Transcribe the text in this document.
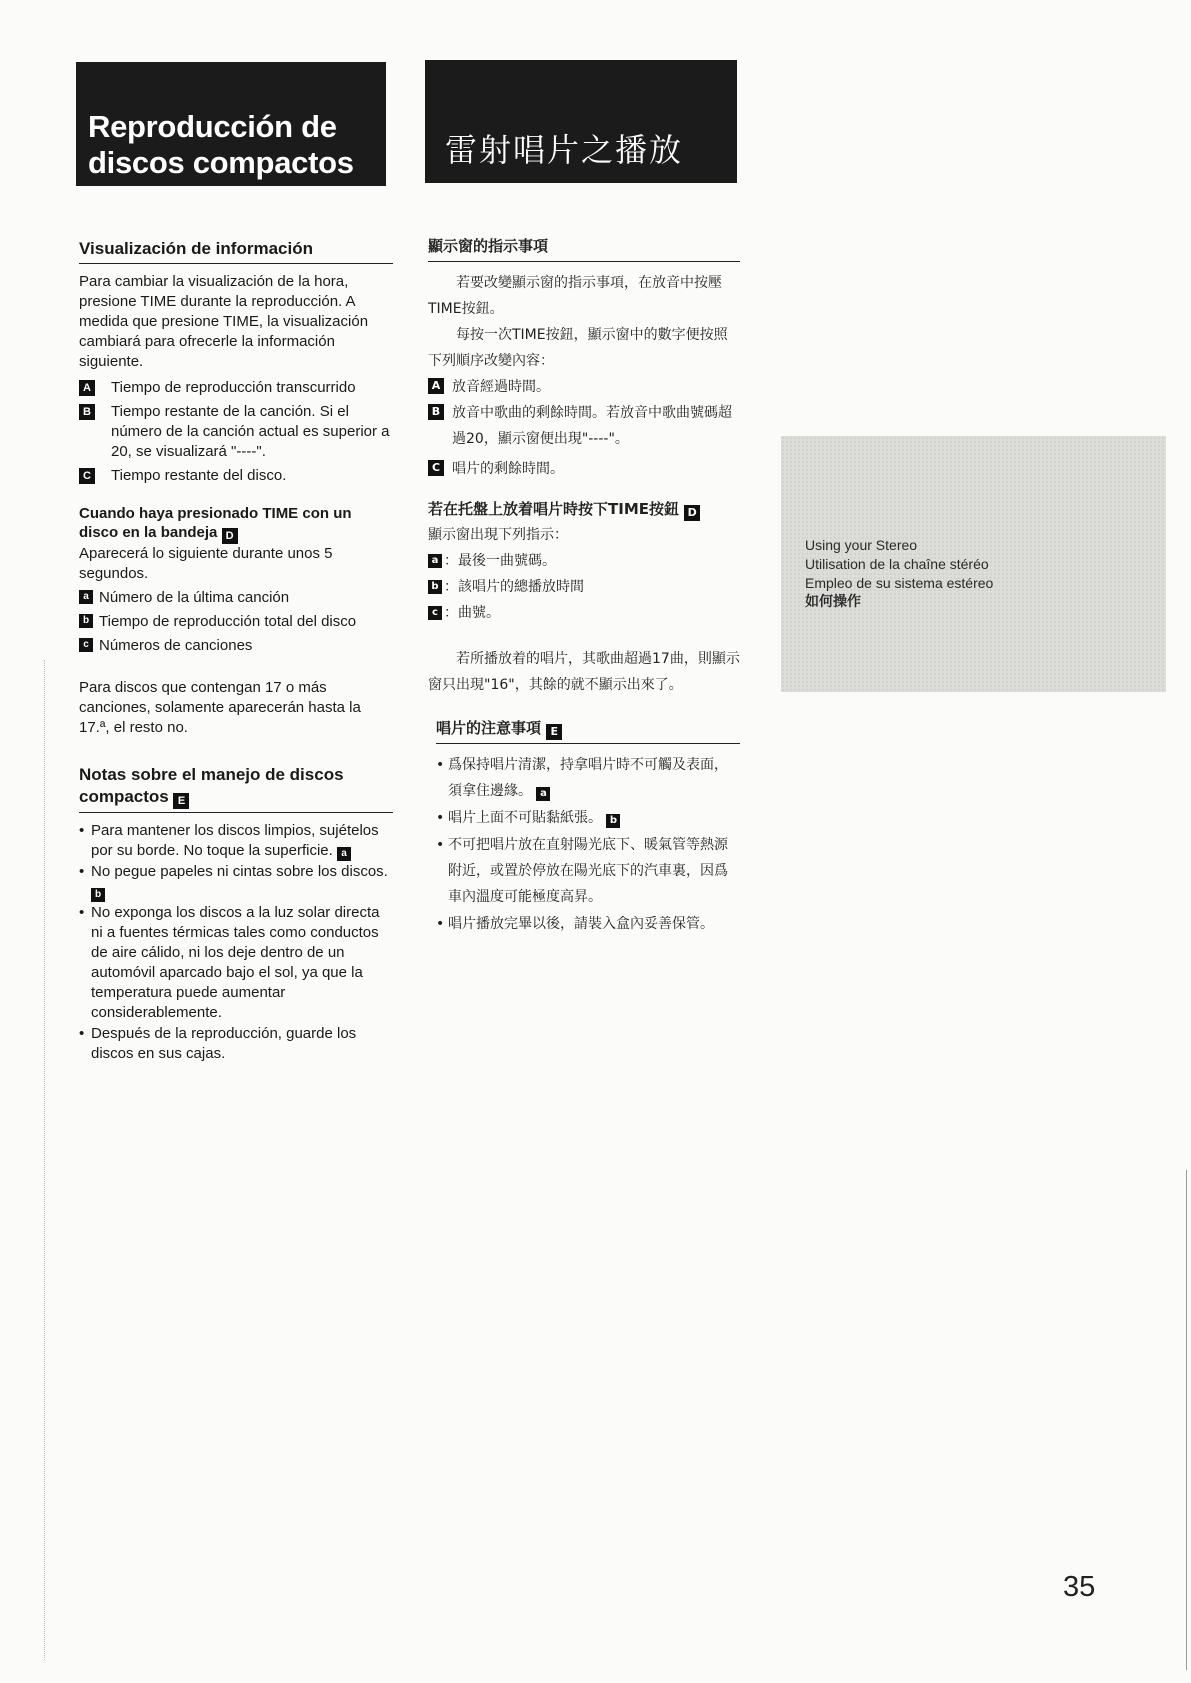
Reproducción de
discos compactos	雷射唱片之播放
Visualización de información

Para cambiar la visualización de la hora, presione TIME durante la reproducción. A medida que presione TIME, la visualización cambiará para ofrecerle la información siguiente.

A Tiempo de reproducción transcurrido
B Tiempo restante de la canción. Si el número de la canción actual es superior a 20, se visualizará "----".
C Tiempo restante del disco.

Cuando haya presionado TIME con un disco en la bandeja D

Aparecerá lo siguiente durante unos 5 segundos.

a Número de la última canción
b Tiempo de reproducción total del disco
c Números de canciones

Para discos que contengan 17 o más canciones, solamente aparecerán hasta la 17.ª, el resto no.

Notas sobre el manejo de discos compactos E
• Para mantener los discos limpios, sujételos por su borde. No toque la superficie. a
• No pegue papeles ni cintas sobre los discos. b
• No exponga los discos a la luz solar directa ni a fuentes térmicas tales como conductos de aire cálido, ni los deje dentro de un automóvil aparcado bajo el sol, ya que la temperatura puede aumentar considerablemente.
• Después de la reproducción, guarde los discos en sus cajas.
顯示窗的指示事項

若要改變顯示窗的指示事項，在放音中按壓TIME按鈕。

每按一次TIME按鈕，顯示窗中的數字便按照下列順序改變內容：

A 放音經過時間。
B 放音中歌曲的剩餘時間。若放音中歌曲號碼超過20，顯示窗便出現"----"。
C 唱片的剩餘時間。

若在托盤上放着唱片時按下TIME按鈕 D

顯示窗出現下列指示：

a ：最後一曲號碼。
b ：該唱片的總播放時間
c ：曲號。

若所播放着的唱片，其歌曲超過17曲，則顯示窗只出現"16"，其餘的就不顯示出來了。

唱片的注意事項 E
• 爲保持唱片清潔，持拿唱片時不可觸及表面，須拿住邊緣。 a
• 唱片上面不可貼黏紙張。 b
• 不可把唱片放在直射陽光底下、暖氣管等熱源附近，或置於停放在陽光底下的汽車裏，因爲車內溫度可能極度高昇。
• 唱片播放完畢以後，請裝入盒內妥善保管。
Using your Stereo
Utilisation de la chaîne stéréo
Empleo de su sistema estéreo
如何操作
35
